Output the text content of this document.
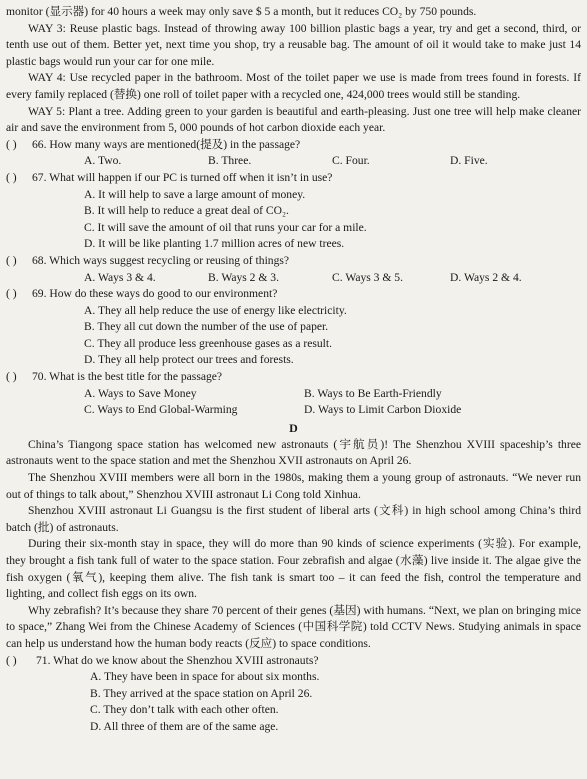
monitor (显示器) for 40 hours a week may only save $ 5 a month, but it reduces CO₂ by 750 pounds.
WAY 3: Reuse plastic bags. Instead of throwing away 100 billion plastic bags a year, try and get a second, third, or tenth use out of them. Better yet, next time you shop, try a reusable bag. The amount of oil it would take to make just 14 plastic bags would run your car for one mile.
WAY 4: Use recycled paper in the bathroom. Most of the toilet paper we use is made from trees found in forests. If every family replaced (替换) one roll of toilet paper with a recycled one, 424,000 trees would still be standing.
WAY 5: Plant a tree. Adding green to your garden is beautiful and earth-pleasing. Just one tree will help make cleaner air and save the environment from 5, 000 pounds of hot carbon dioxide each year.
( )	66. How many ways are mentioned(提及) in the passage?
A. Two.	B. Three.	C. Four.	D. Five.
( )	67. What will happen if our PC is turned off when it isn’t in use?
A. It will help to save a large amount of money.
B. It will help to reduce a great deal of CO₂.
C. It will save the amount of oil that runs your car for a mile.
D. It will be like planting 1.7 million acres of new trees.
( )	68. Which ways suggest recycling or reusing of things?
A. Ways 3 & 4.	B. Ways 2 & 3.	C. Ways 3 & 5.	D. Ways 2 & 4.
( )	69. How do these ways do good to our environment?
A. They all help reduce the use of energy like electricity.
B. They all cut down the number of the use of paper.
C. They all produce less greenhouse gases as a result.
D. They all help protect our trees and forests.
( )	70. What is the best title for the passage?
A. Ways to Save Money	B. Ways to Be Earth-Friendly
C. Ways to End Global-Warming	D. Ways to Limit Carbon Dioxide
D
China’s Tiangong space station has welcomed new astronauts (宇航员)! The Shenzhou XVIII spaceship’s three astronauts went to the space station and met the Shenzhou XVII astronauts on April 26.
The Shenzhou XVIII members were all born in the 1980s, making them a young group of astronauts. “We never run out of things to talk about,” Shenzhou XVIII astronaut Li Cong told Xinhua.
Shenzhou XVIII astronaut Li Guangsu is the first student of liberal arts (文科) in high school among China’s third batch (批) of astronauts.
During their six-month stay in space, they will do more than 90 kinds of science experiments (实验). For example, they brought a fish tank full of water to the space station. Four zebrafish and algae (水藻) live inside it. The algae give the fish oxygen (氧气), keeping them alive. The fish tank is smart too – it can feed the fish, control the temperature and lighting, and collect fish eggs on its own.
Why zebrafish? It’s because they share 70 percent of their genes (基因) with humans. “Next, we plan on bringing mice to space,” Zhang Wei from the Chinese Academy of Sciences (中国科学院) told CCTV News. Studying animals in space can help us understand how the human body reacts (反应) to space conditions.
( )	71. What do we know about the Shenzhou XVIII astronauts?
A. They have been in space for about six months.
B. They arrived at the space station on April 26.
C. They don’t talk with each other often.
D. All three of them are of the same age.
